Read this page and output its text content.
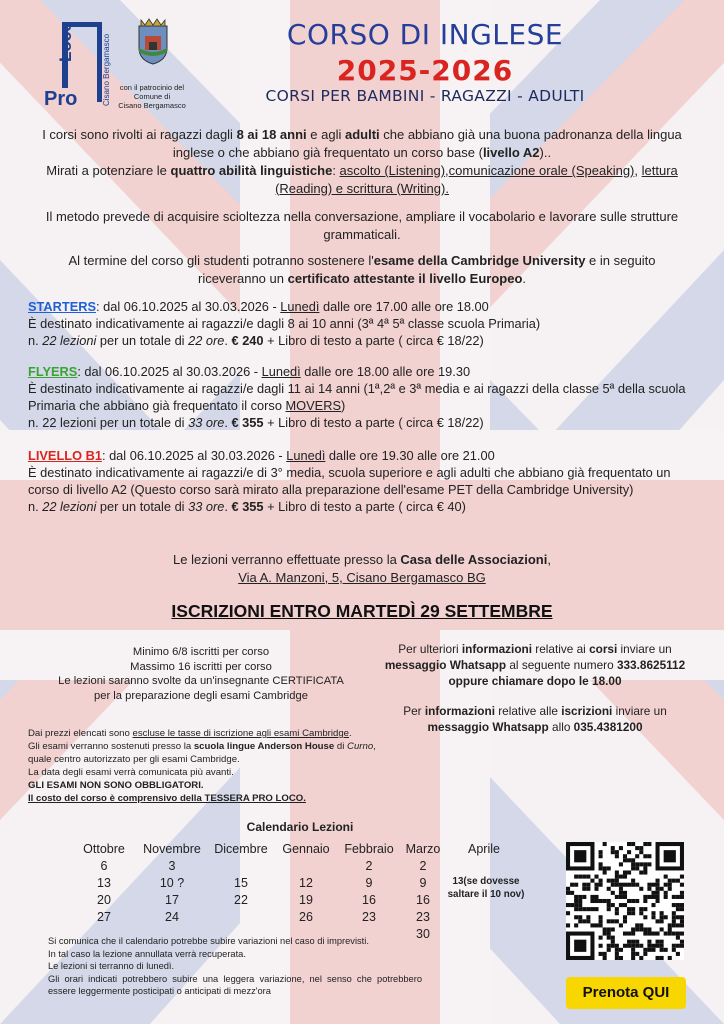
Loco
Pro	Cisano Bergamasco	con il patrocinio del
Comune di
Cisano Bergamasco
CORSO DI INGLESE
2025-2026
CORSI PER BAMBINI - RAGAZZI - ADULTI
I corsi sono rivolti ai ragazzi dagli 8 ai 18 anni e agli adulti che abbiano già una buona padronanza della lingua inglese o che abbiano già frequentato un corso base (livello A2)..
Mirati a potenziare le quattro abilità linguistiche: ascolto (Listening),comunicazione orale (Speaking), lettura (Reading) e scrittura (Writing).
Il metodo prevede di acquisire scioltezza nella conversazione, ampliare il vocabolario e lavorare sulle strutture grammaticali.
Al termine del corso gli studenti potranno sostenere l'esame della Cambridge University e in seguito riceveranno un certificato attestante il livello Europeo.
STARTERS: dal 06.10.2025 al 30.03.2026 - Lunedì dalle ore 17.00 alle ore 18.00
È destinato indicativamente ai ragazzi/e dagli 8 ai 10 anni (3ª 4ª 5ª classe scuola Primaria)
n. 22 lezioni per un totale di 22 ore. € 240 + Libro di testo a parte ( circa € 18/22)
FLYERS: dal 06.10.2025 al 30.03.2026 - Lunedì dalle ore 18.00 alle ore 19.30
È destinato indicativamente ai ragazzi/e dagli 11 ai 14 anni (1ª,2ª e 3ª media e ai ragazzi della classe 5ª della scuola Primaria che abbiano già frequentato il corso MOVERS)
n. 22 lezioni per un totale di 33 ore. € 355 + Libro di testo a parte ( circa € 18/22)
LIVELLO B1: dal 06.10.2025 al 30.03.2026 - Lunedì dalle ore 19.30 alle ore 21.00
È destinato indicativamente ai ragazzi/e di 3° media, scuola superiore e agli adulti che abbiano già frequentato un corso di livello A2 (Questo corso sarà mirato alla preparazione dell'esame PET della Cambridge University)
n. 22 lezioni per un totale di 33 ore. € 355 + Libro di testo a parte ( circa € 40)
Le lezioni verranno effettuate presso la Casa delle Associazioni,
Via A. Manzoni, 5, Cisano Bergamasco BG
ISCRIZIONI ENTRO MARTEDÌ 29 SETTEMBRE
Minimo 6/8 iscritti per corso
Massimo 16 iscritti per corso
Le lezioni saranno svolte da un'insegnante CERTIFICATA
per la preparazione degli esami Cambridge
Per ulteriori informazioni relative ai corsi inviare un
messaggio Whatsapp al seguente numero 333.8625112
oppure chiamare dopo le 18.00
Per informazioni relative alle iscrizioni inviare un
messaggio Whatsapp allo 035.4381200
Dai prezzi elencati sono escluse le tasse di iscrizione agli esami Cambridge.
Gli esami verranno sostenuti presso la scuola lingue Anderson House di Curno,
quale centro autorizzato per gli esami Cambridge.
La data degli esami verrà comunicata più avanti.
GLI ESAMI NON SONO OBBLIGATORI.
Il costo del corso è comprensivo della TESSERA PRO LOCO.
Calendario Lezioni
Ottobre	Novembre	Dicembre	Gennaio	Febbraio	Marzo	Aprile
6	3			2	2	
13	10 ?	15	12	9	9	
20	17	22	19	16	16	
27	24		26	23	23	
					30	
13(se dovesse saltare il 10 nov)
Si comunica che il calendario potrebbe subire variazioni nel caso di imprevisti.
In tal caso la lezione annullata verrà recuperata.
Le lezioni si terranno di lunedì.
Gli orari indicati potrebbero subire una leggera variazione, nel senso che potrebbero essere leggermente posticipati o anticipati di mezz'ora	Prenota QUI
